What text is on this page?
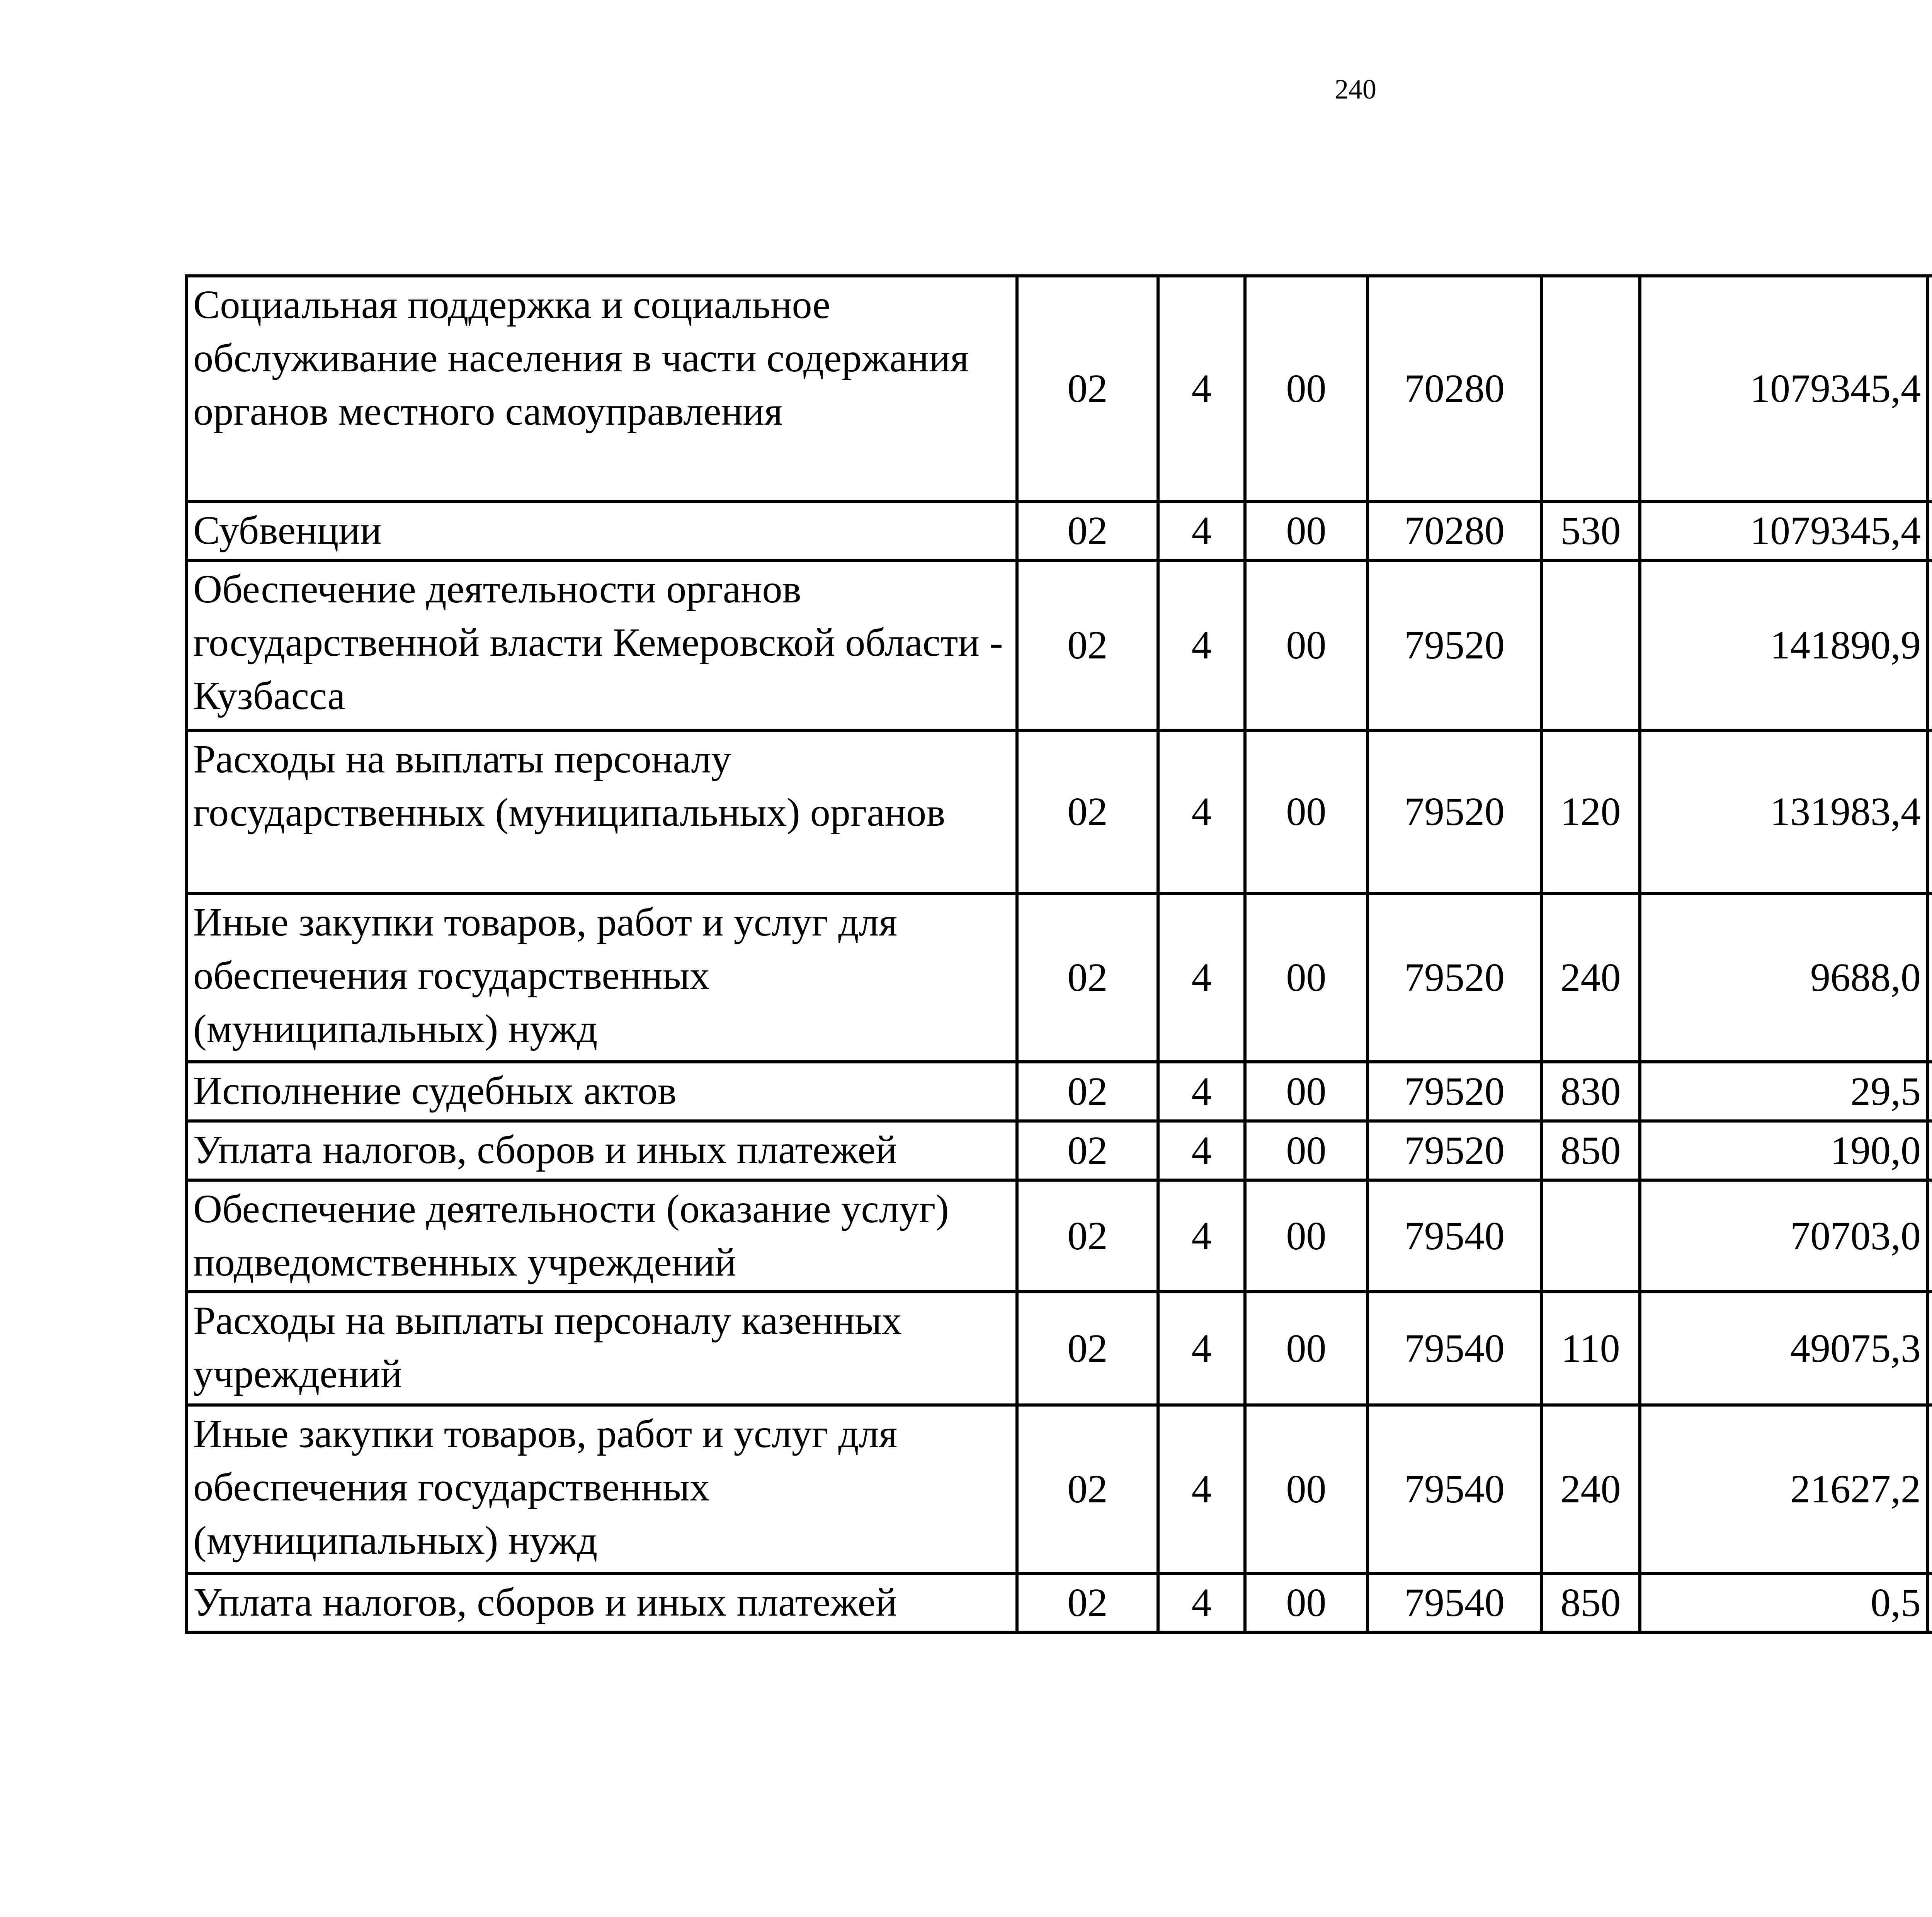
240
Социальная поддержка и социальное обслуживание населения в части содержания органов местного самоуправления	02	4	00	70280		1079345,4		
Субвенции	02	4	00	70280	530	1079345,4		
Обеспечение деятельности органов государственной власти Кемеровской области - Кузбасса	02	4	00	79520		141890,9		
Расходы на выплаты персоналу государственных (муниципальных) органов	02	4	00	79520	120	131983,4		
Иные закупки товаров, работ и услуг для обеспечения государственных (муниципальных) нужд	02	4	00	79520	240	9688,0		
Исполнение судебных актов	02	4	00	79520	830	29,5		
Уплата налогов, сборов и иных платежей	02	4	00	79520	850	190,0		
Обеспечение деятельности (оказание услуг) подведомственных учреждений	02	4	00	79540		70703,0		
Расходы на выплаты персоналу казенных учреждений	02	4	00	79540	110	49075,3		
Иные закупки товаров, работ и услуг для обеспечения государственных (муниципальных) нужд	02	4	00	79540	240	21627,2		
Уплата налогов, сборов и иных платежей	02	4	00	79540	850	0,5		
